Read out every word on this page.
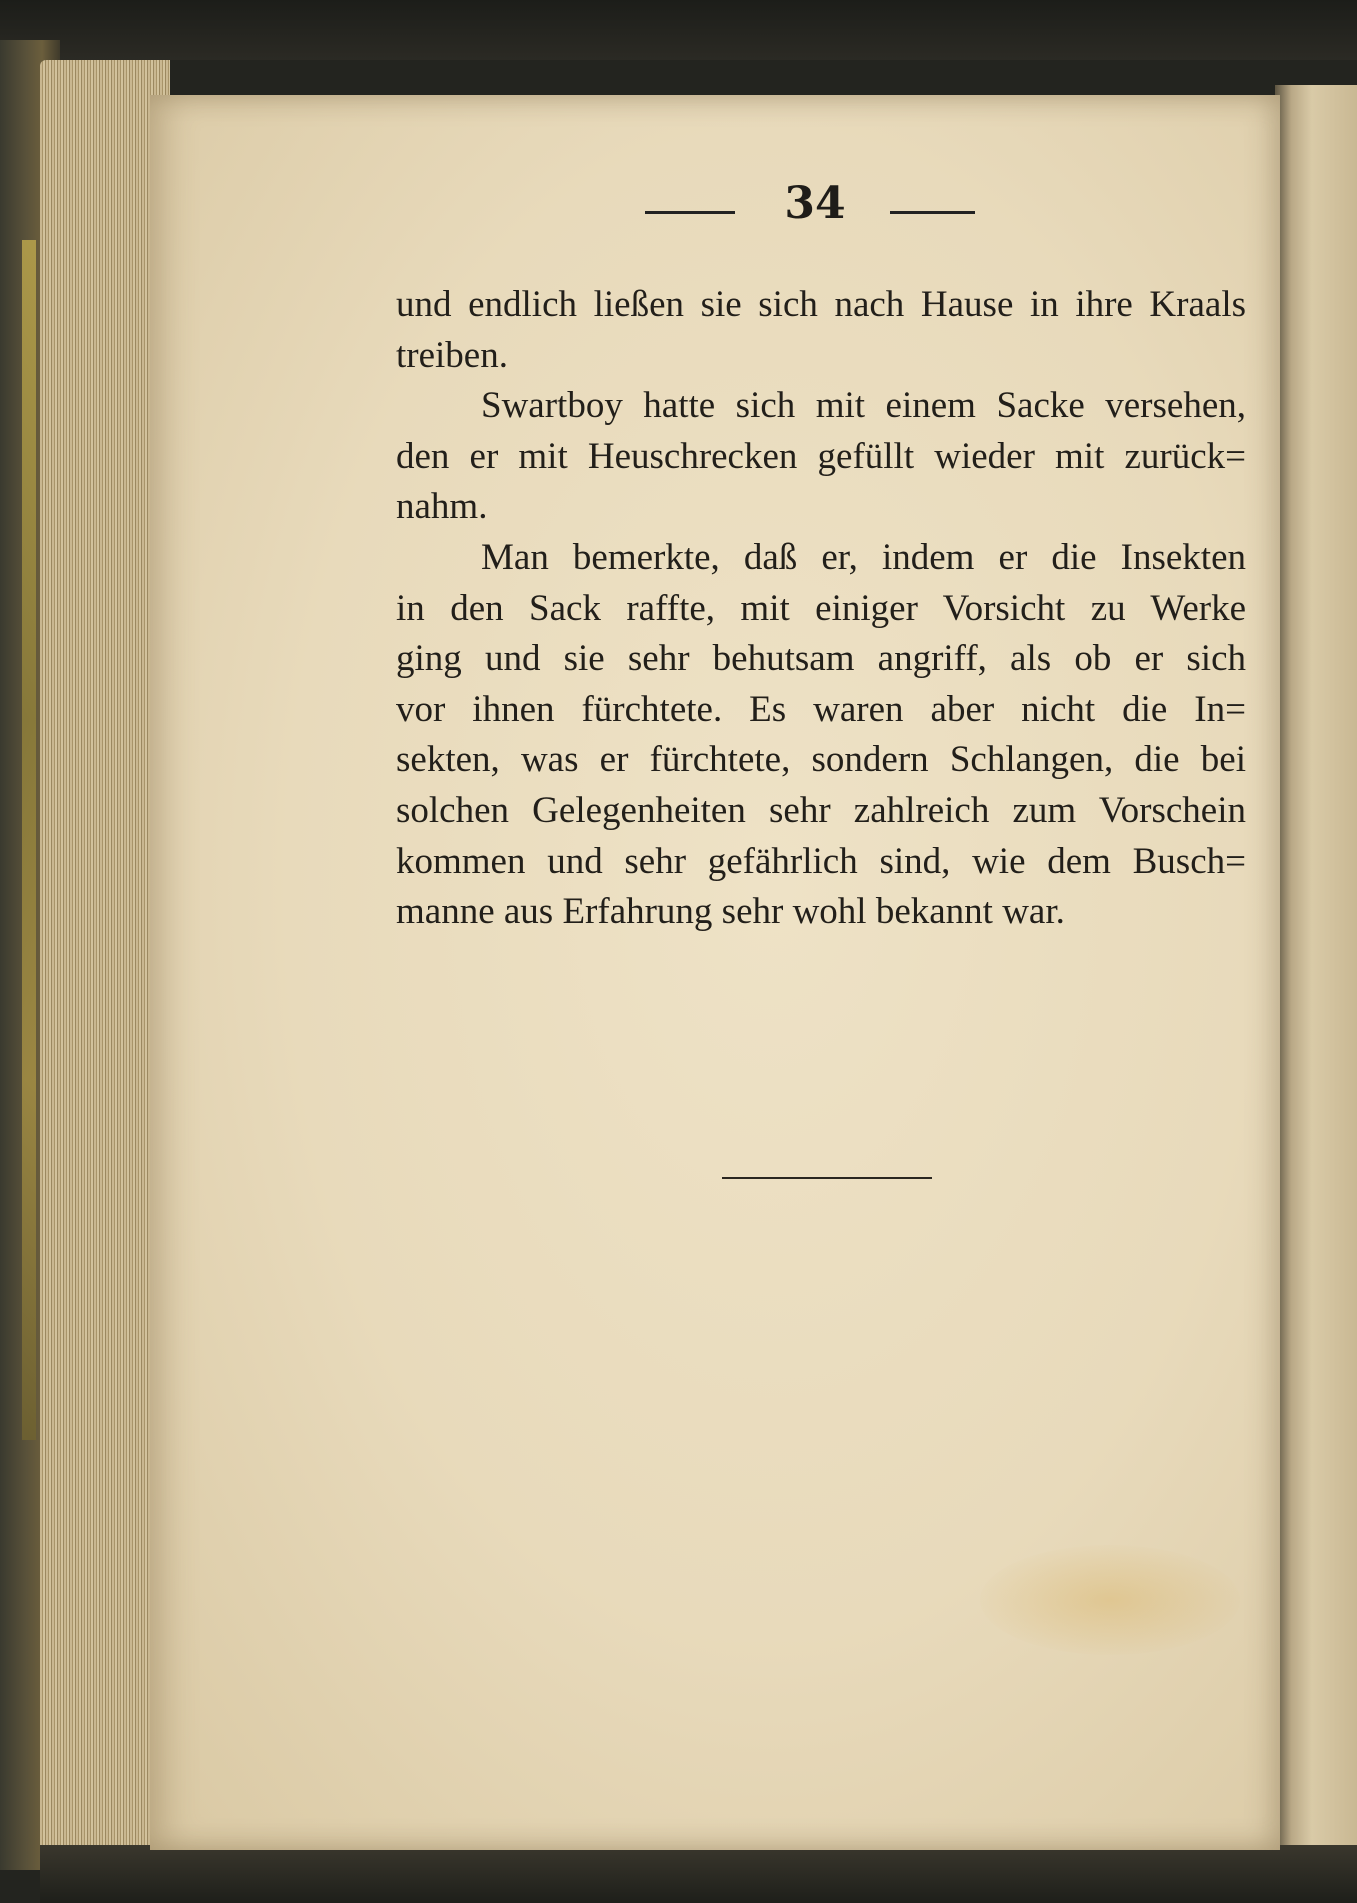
34

und endlich ließen sie sich nach Hause in ihre Kraals
treiben.

Swartboy hatte sich mit einem Sacke versehen,
den er mit Heuschrecken gefüllt wieder mit zurück=
nahm.

Man bemerkte, daß er, indem er die Insekten
in den Sack raffte, mit einiger Vorsicht zu Werke
ging und sie sehr behutsam angriff, als ob er sich
vor ihnen fürchtete. Es waren aber nicht die In=
sekten, was er fürchtete, sondern Schlangen, die bei
solchen Gelegenheiten sehr zahlreich zum Vorschein
kommen und sehr gefährlich sind, wie dem Busch=
manne aus Erfahrung sehr wohl bekannt war.
